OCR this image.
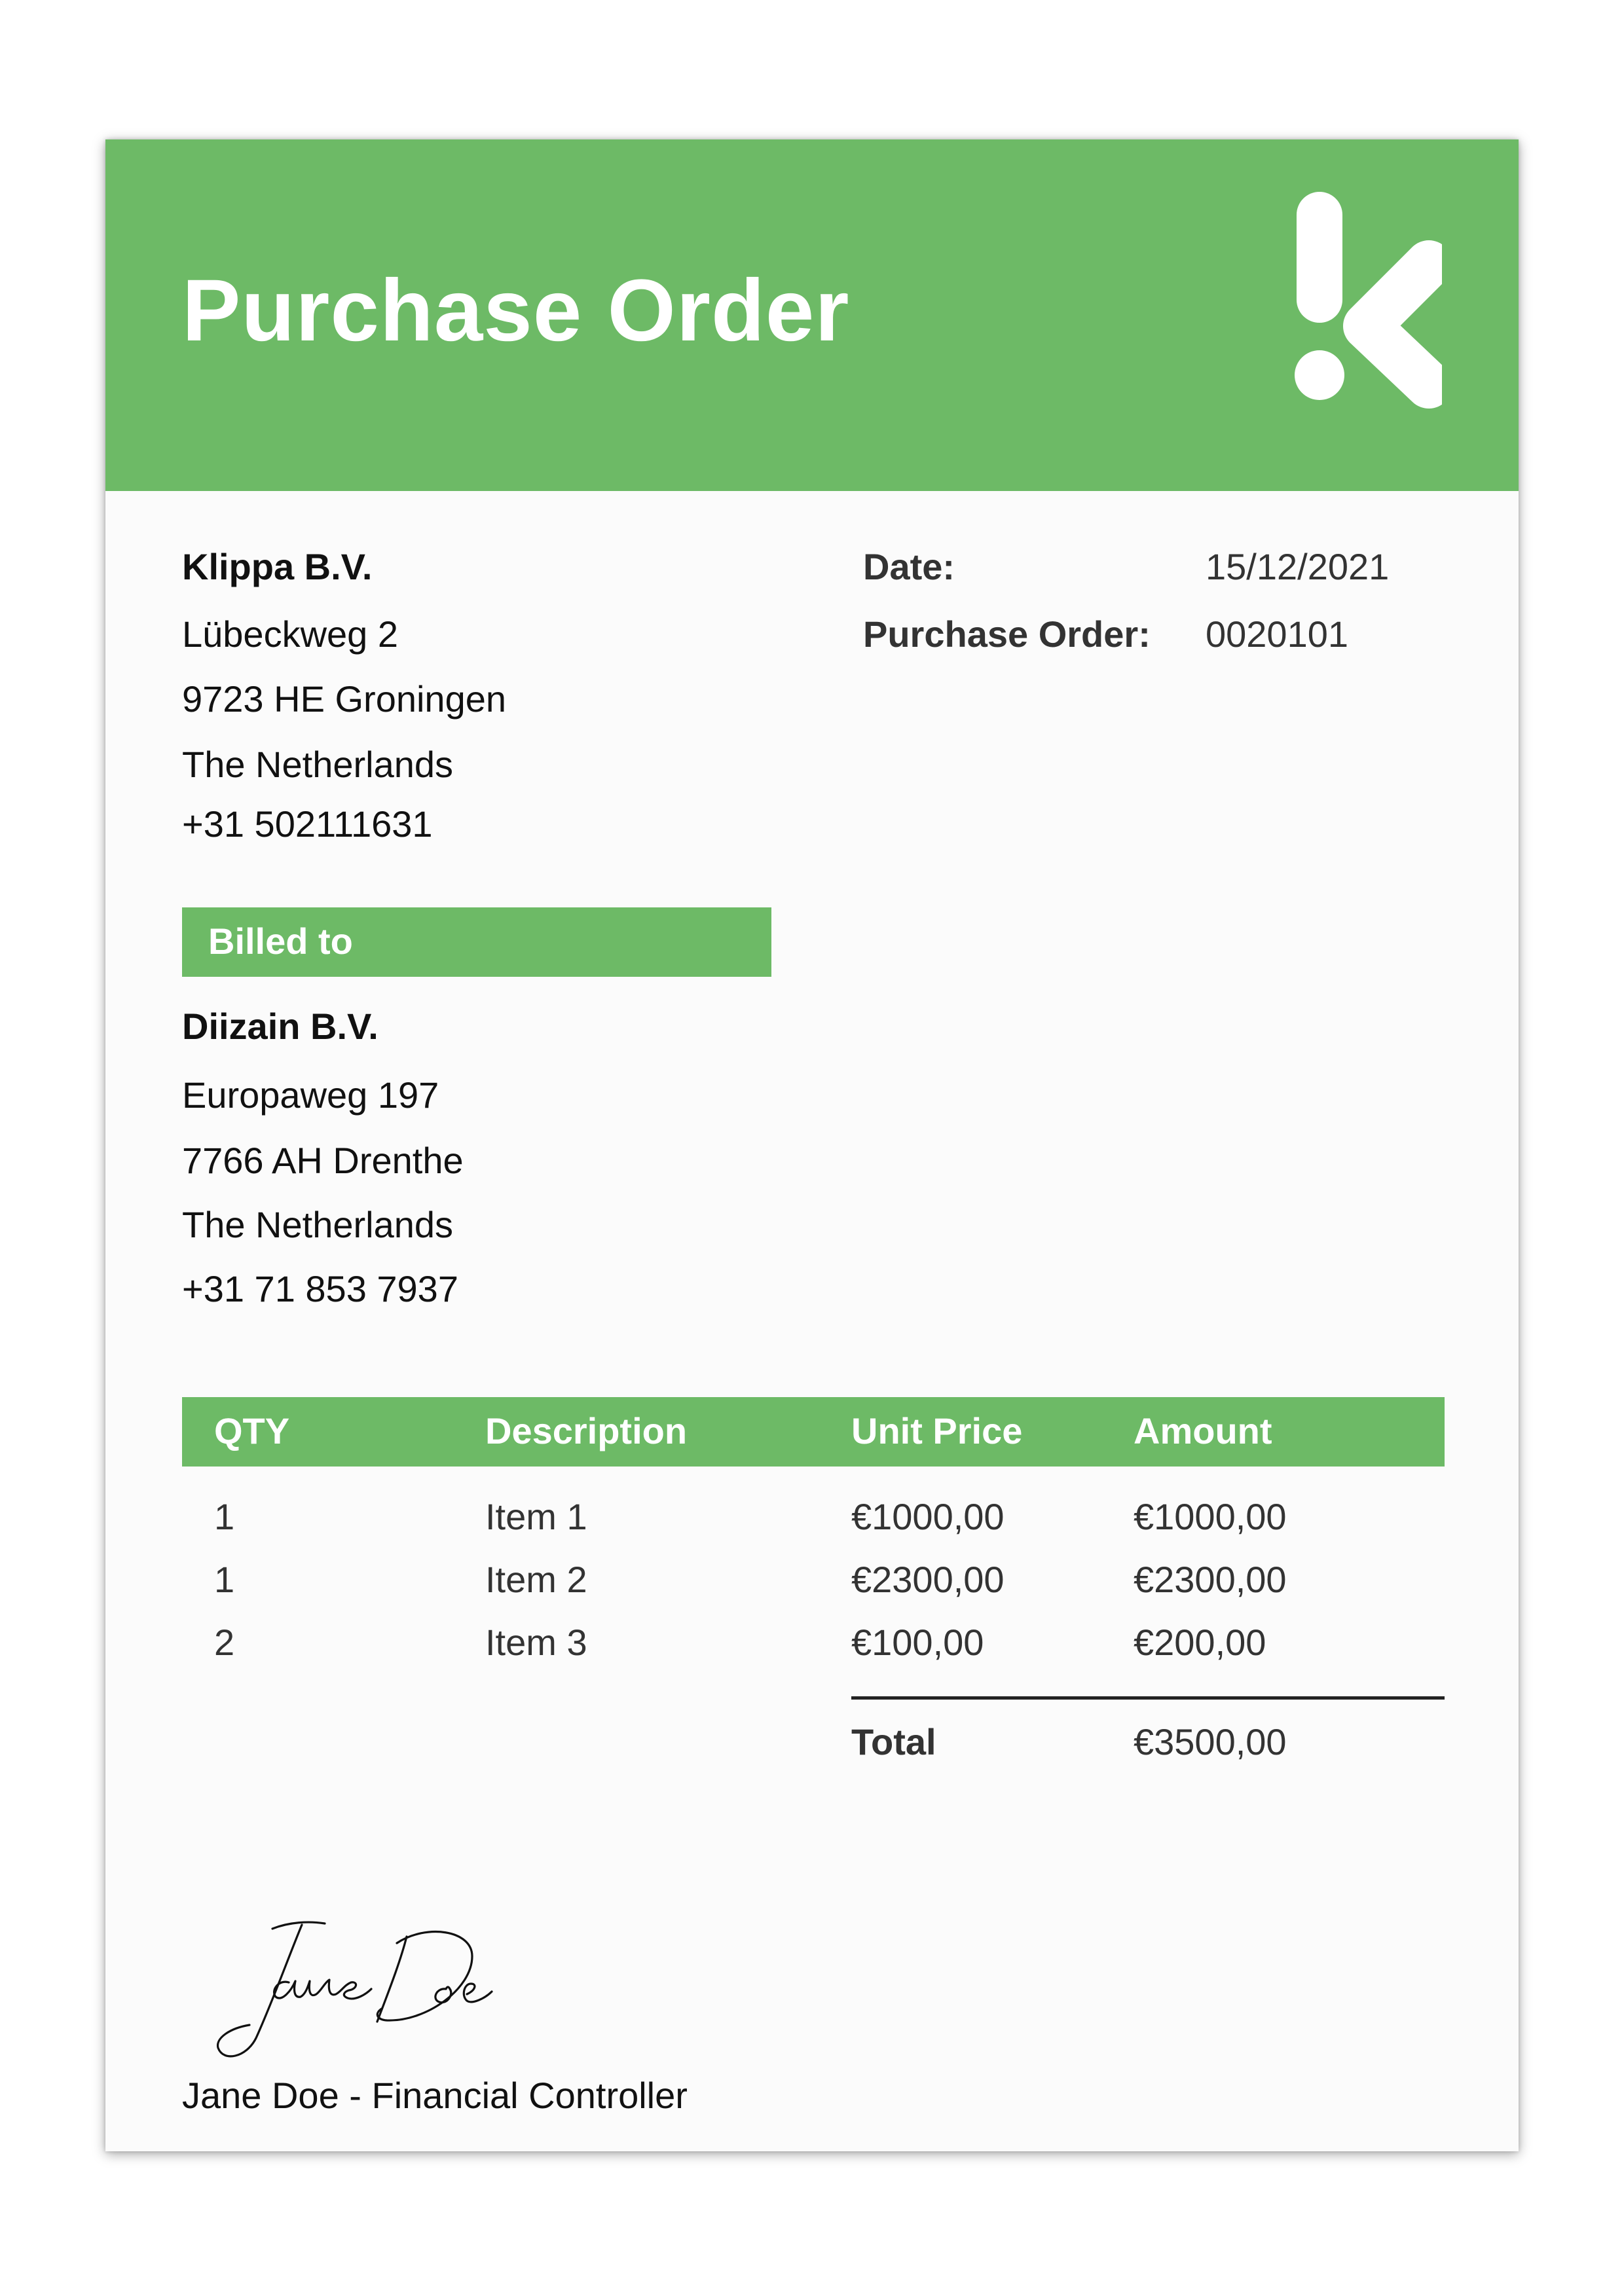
Purchase Order
Klippa B.V.
Lübeckweg 2
9723 HE Groningen
The Netherlands
+31 502111631
Date:	15/12/2021
Purchase Order: 0020101
Billed to
Diizain B.V.
Europaweg 197
7766 AH Drenthe
The Netherlands
+31 71 853 7937
QTY	Description	Unit Price	Amount
1	Item 1	€1000,00	€1000,00
1	Item 2	€2300,00	€2300,00
2	Item 3	€100,00	€200,00
Total	€3500,00
Jane Doe - Financial Controller
